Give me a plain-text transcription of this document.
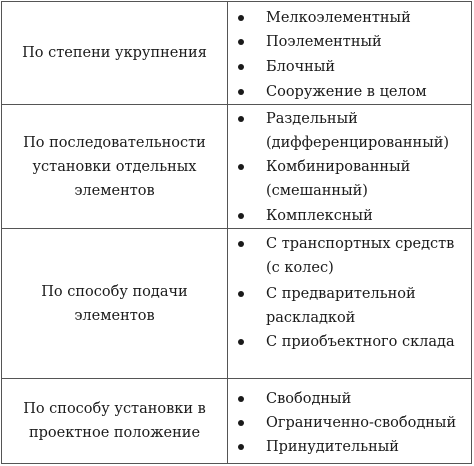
По степени укрупнения
Мелкоэлементный
Поэлементный
Блочный
Сооружение в целом
По последовательности установки отдельных элементов
Раздельный
(дифференцированный)
Комбинированный
(смешанный)
Комплексный
По способу подачи элементов
С транспортных средств
(с колес)
С предварительной
раскладкой
С приобъектного склада
По способу установки в проектное положение
Свободный
Ограниченно-свободный
Принудительный
